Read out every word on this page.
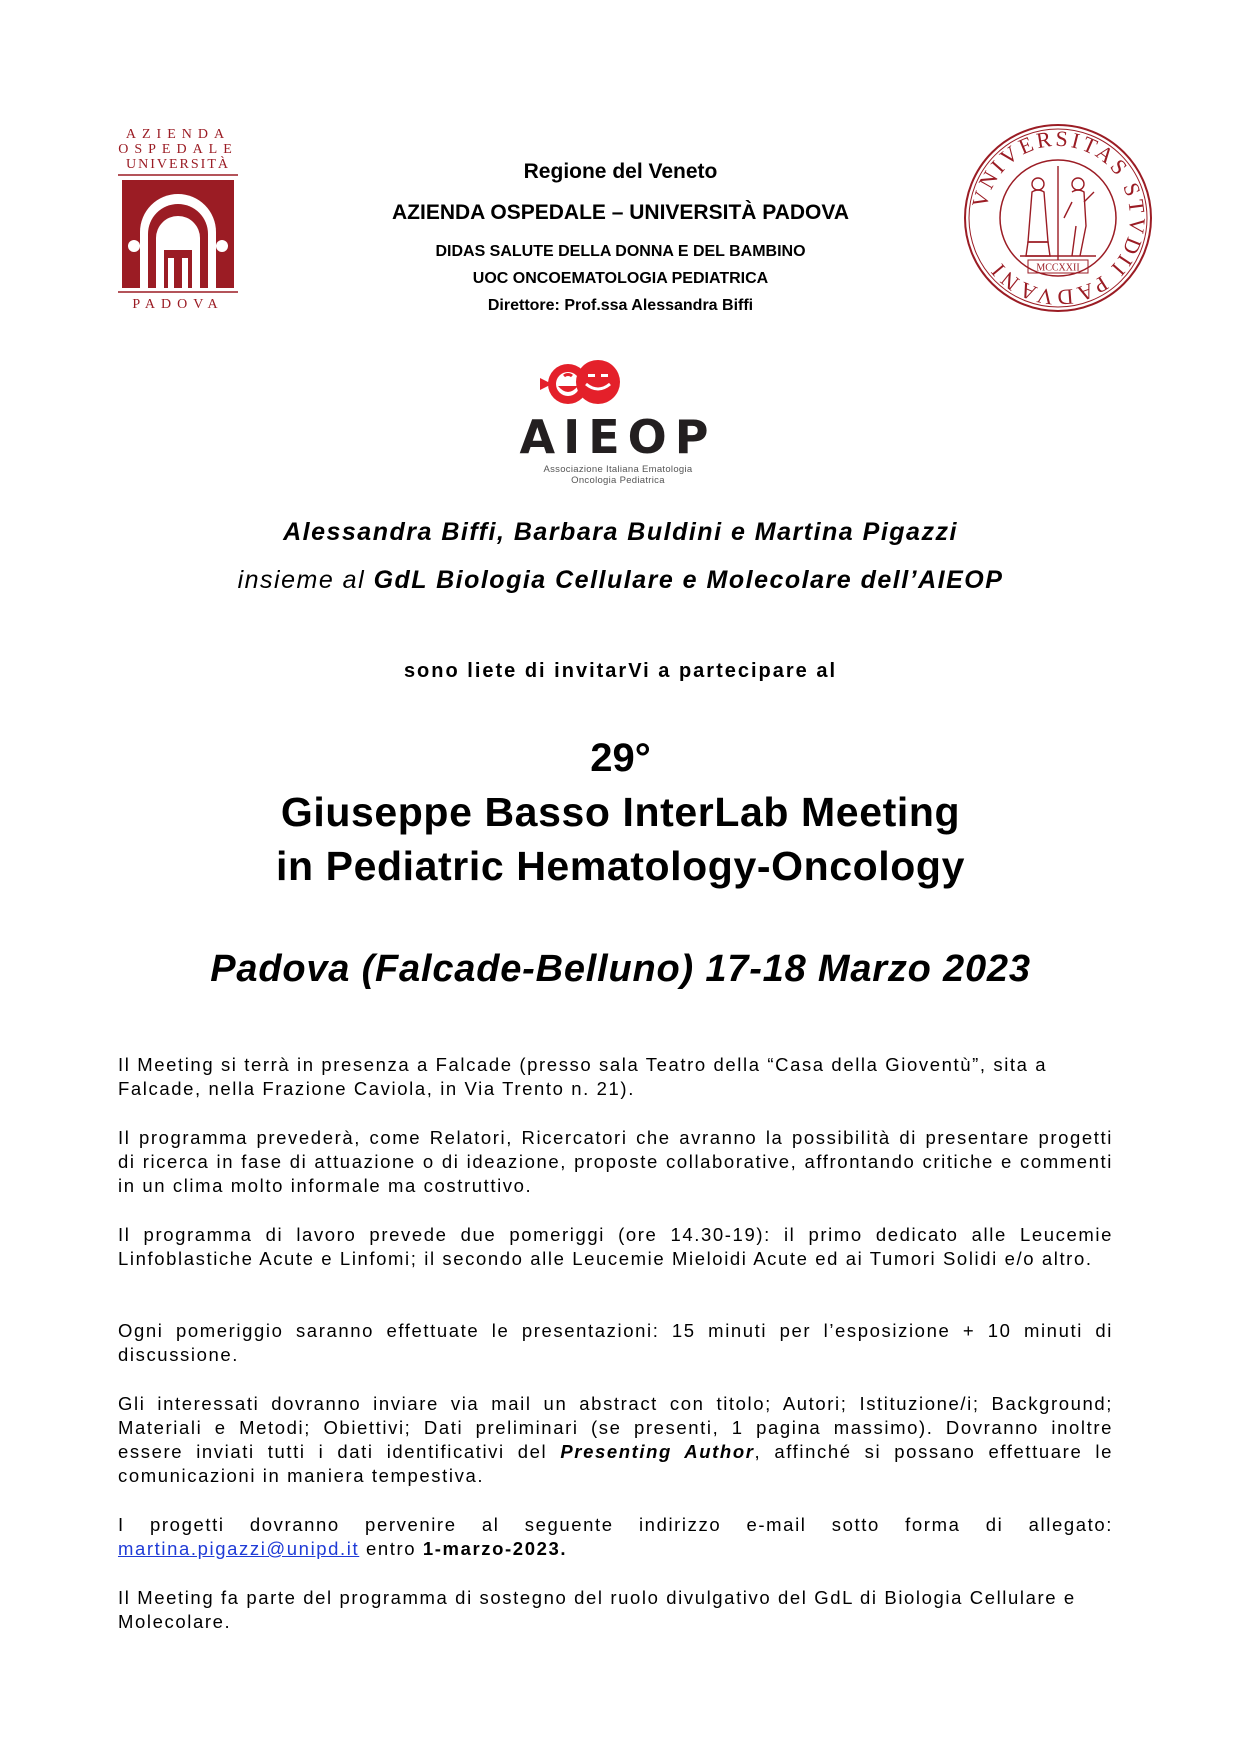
AZIENDA
OSPEDALE
UNIVERSITÀ
PADOVA
Regione del Veneto
AZIENDA OSPEDALE – UNIVERSITÀ PADOVA
DIDAS SALUTE DELLA DONNA E DEL BAMBINO
UOC ONCOEMATOLOGIA PEDIATRICA
Direttore: Prof.ssa Alessandra Biffi
VNIVERSITAS STVDII PADVANI	MCCXXII
AIEOP
Associazione Italiana Ematologia
Oncologia Pediatrica
Alessandra Biffi, Barbara Buldini e Martina Pigazzi
insieme al GdL Biologia Cellulare e Molecolare dell’AIEOP
sono liete di invitarVi a partecipare al
29°
Giuseppe Basso InterLab Meeting
in Pediatric Hematology-Oncology
Padova (Falcade-Belluno) 17-18 Marzo 2023
Il Meeting si terrà in presenza a Falcade (presso sala Teatro della “Casa della Gioventù”, sita a Falcade, nella Frazione Caviola, in Via Trento n. 21).
Il programma prevederà, come Relatori, Ricercatori che avranno la possibilità di presentare progetti di ricerca in fase di attuazione o di ideazione, proposte collaborative, affrontando critiche e commenti in un clima molto informale ma costruttivo.
Il programma di lavoro prevede due pomeriggi (ore 14.30-19): il primo dedicato alle Leucemie Linfoblastiche Acute e Linfomi; il secondo alle Leucemie Mieloidi Acute ed ai Tumori Solidi e/o altro.
Ogni pomeriggio saranno effettuate le presentazioni: 15 minuti per l’esposizione + 10 minuti di discussione.
Gli interessati dovranno inviare via mail un abstract con titolo; Autori; Istituzione/i; Background; Materiali e Metodi; Obiettivi; Dati preliminari (se presenti, 1 pagina massimo). Dovranno inoltre essere inviati tutti i dati identificativi del Presenting Author, affinché si possano effettuare le comunicazioni in maniera tempestiva.
I progetti dovranno pervenire al seguente indirizzo e-mail sotto forma di allegato: martina.pigazzi@unipd.it entro 1-marzo-2023.
Il Meeting fa parte del programma di sostegno del ruolo divulgativo del GdL di Biologia Cellulare e Molecolare.
